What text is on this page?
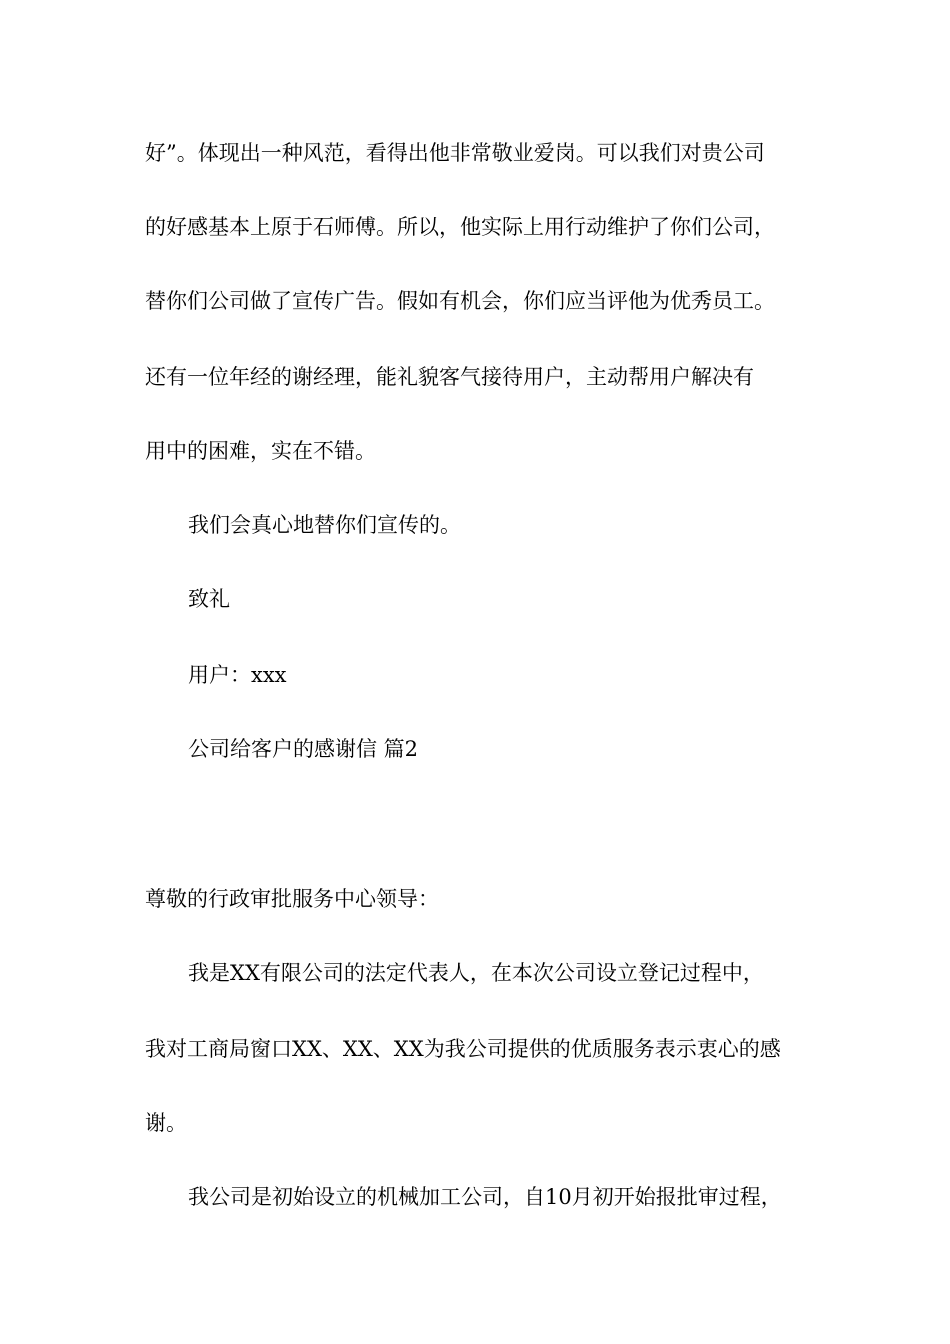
好”。体现出一种风范，看得出他非常敬业爱岗。可以我们对贵公司

的好感基本上原于石师傅。所以，他实际上用行动维护了你们公司，

替你们公司做了宣传广告。假如有机会，你们应当评他为优秀员工。

还有一位年经的谢经理，能礼貌客气接待用户，主动帮用户解决有

用中的困难，实在不错。

我们会真心地替你们宣传的。

致礼

用户：xxx

公司给客户的感谢信 篇2

尊敬的行政审批服务中心领导：

我是XX有限公司的法定代表人，在本次公司设立登记过程中，

我对工商局窗口XX、XX、XX为我公司提供的优质服务表示衷心的感

谢。

我公司是初始设立的机械加工公司，自10月初开始报批审过程，
